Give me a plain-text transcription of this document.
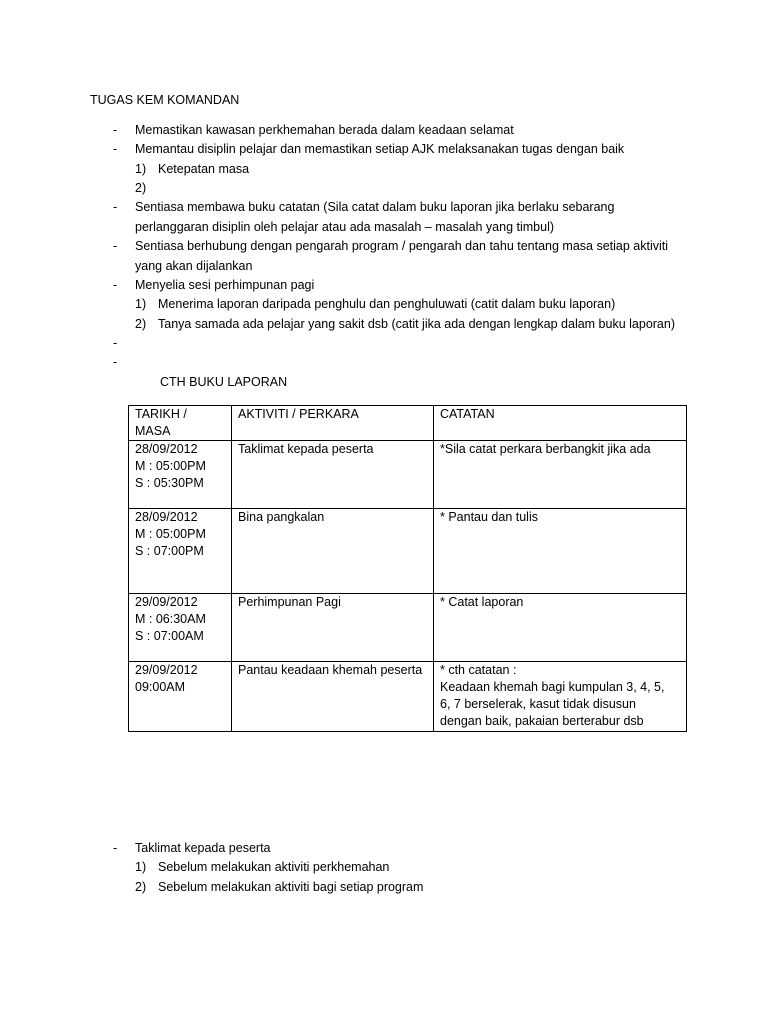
TUGAS KEM KOMANDAN
- Memastikan kawasan perkhemahan berada dalam keadaan selamat
- Memantau disiplin pelajar dan memastikan setiap AJK melaksanakan tugas dengan baik
1) Ketepatan masa
2)
- Sentiasa membawa buku catatan (Sila catat dalam buku laporan jika berlaku sebarang
perlanggaran disiplin oleh pelajar atau ada masalah – masalah yang timbul)
- Sentiasa berhubung dengan pengarah program / pengarah dan tahu tentang masa setiap aktiviti
yang akan dijalankan
- Menyelia sesi perhimpunan pagi
1) Menerima laporan daripada penghulu dan penghuluwati (catit dalam buku laporan)
2) Tanya samada ada pelajar yang sakit dsb (catit jika ada dengan lengkap dalam buku laporan)
-
-
CTH BUKU LAPORAN
TARIKH / MASA	AKTIVITI / PERKARA	CATATAN

28/09/2012
M : 05:00PM
S : 05:30PM	Taklimat kepada peserta	*Sila catat perkara berbangkit jika ada

28/09/2012
M : 05:00PM
S : 07:00PM	Bina pangkalan	* Pantau dan tulis

29/09/2012
M : 06:30AM
S : 07:00AM	Perhimpunan Pagi	* Catat laporan

29/09/2012
09:00AM	Pantau keadaan khemah peserta	* cth catatan :
Keadaan khemah bagi kumpulan 3, 4, 5,
6, 7 berselerak, kasut tidak disusun
dengan baik, pakaian berterabur dsb
- Taklimat kepada peserta
1) Sebelum melakukan aktiviti perkhemahan
2) Sebelum melakukan aktiviti bagi setiap program
